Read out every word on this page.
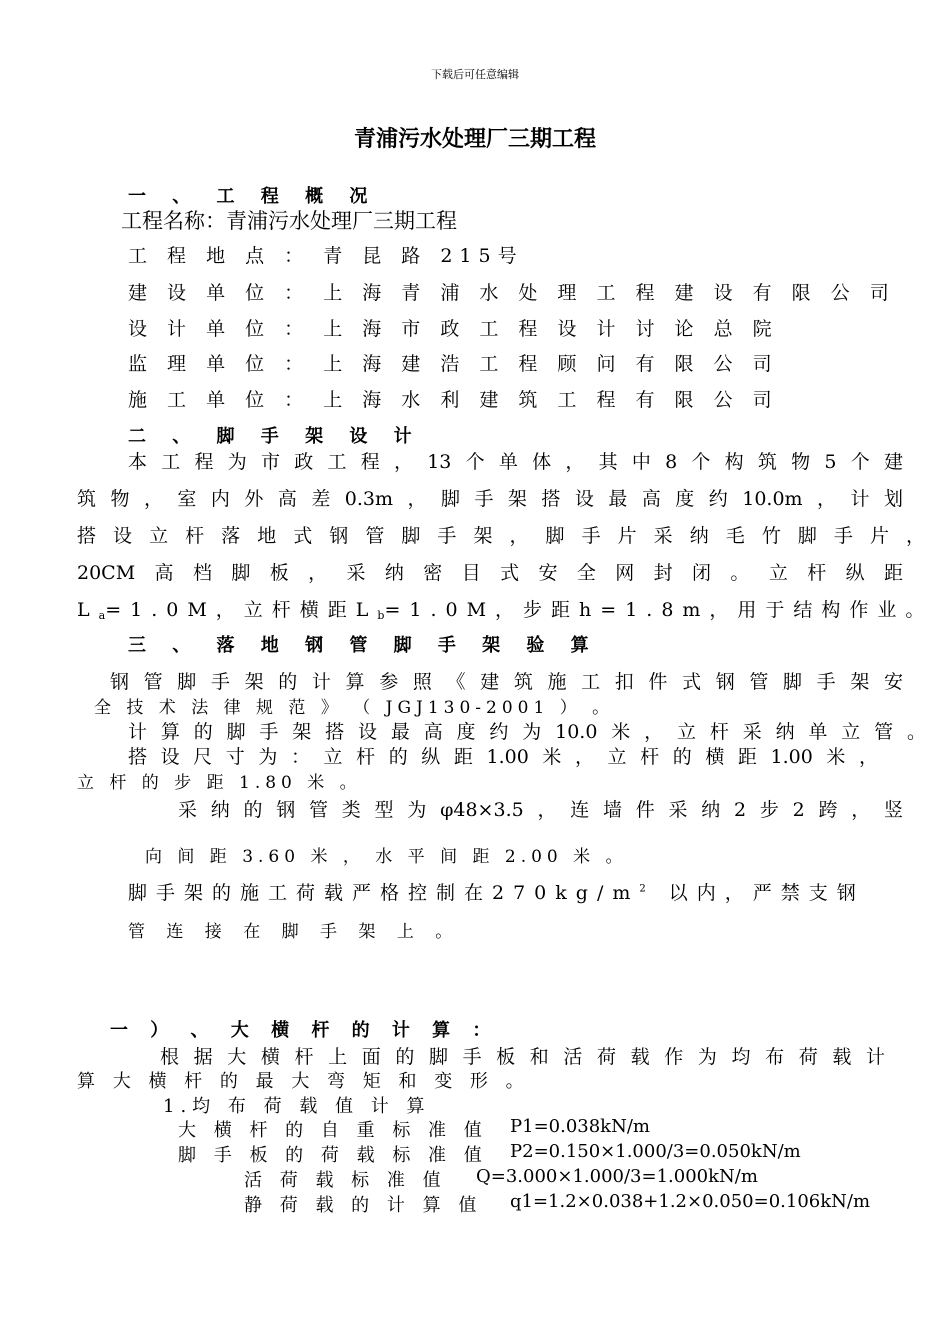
下载后可任意编辑
青浦污水处理厂三期工程
一 、 工 程 概 况
工程名称：青浦污水处理厂三期工程
工 程 地 点 ： 青 昆 路 215号
建 设 单 位 ： 上 海 青 浦 水 处 理 工 程 建 设 有 限 公 司
设 计 单 位 ： 上 海 市 政 工 程 设 计 讨 论 总 院
监 理 单 位 ： 上 海 建 浩 工 程 顾 问 有 限 公 司
施 工 单 位 ： 上 海 水 利 建 筑 工 程 有 限 公 司
二 、 脚 手 架 设 计
本工程为市政工程，13个单体，其中8个构筑物5个建
筑物，室内外高差0.3m，脚手架搭设最高度约10.0m，计划
搭设立杆落地式钢管脚手架，脚手片采纳毛竹脚手片，
20CM高档脚板，采纳密目式安全网封闭。立杆纵距
$L_a=1.0M$，立杆横距$L_b=1.0M$，步距h=1.8m，用于结构作业。
三 、 落 地 钢 管 脚 手 架 验 算
钢管脚手架的计算参照《建筑施工扣件式钢管脚手架安
全 技 术 法 律 规 范 》 （ JGJ130-2001 ） 。
计算的脚手架搭设最高度约为10.0米，立杆采纳单立管。
搭设尺寸为：立杆的纵距1.00米，立杆的横距1.00米，
立 杆 的 步 距 1.80 米 。
采纳的钢管类型为φ48×3.5，连墙件采纳2步2跨，竖
向 间 距 3.60 米 ， 水 平 间 距 2.00 米 。
脚手架的施工荷载严格控制在$270kg/m^2$ 以内，严禁支钢
管 连 接 在 脚 手 架 上 。
一 ） 、 大 横 杆 的 计 算 ：
根据大横杆上面的脚手板和活荷载作为均布荷载计
算 大 横 杆 的 最 大 弯 矩 和 变 形 。
1.均 布 荷 载 值 计 算
大 横 杆 的 自 重 标 准 值 P1=0.038kN/m
脚 手 板 的 荷 载 标 准 值 P2=0.150×1.000/3=0.050kN/m
活 荷 载 标 准 值 Q=3.000×1.000/3=1.000kN/m
静 荷 载 的 计 算 值 q1=1.2×0.038+1.2×0.050=0.106kN/m
